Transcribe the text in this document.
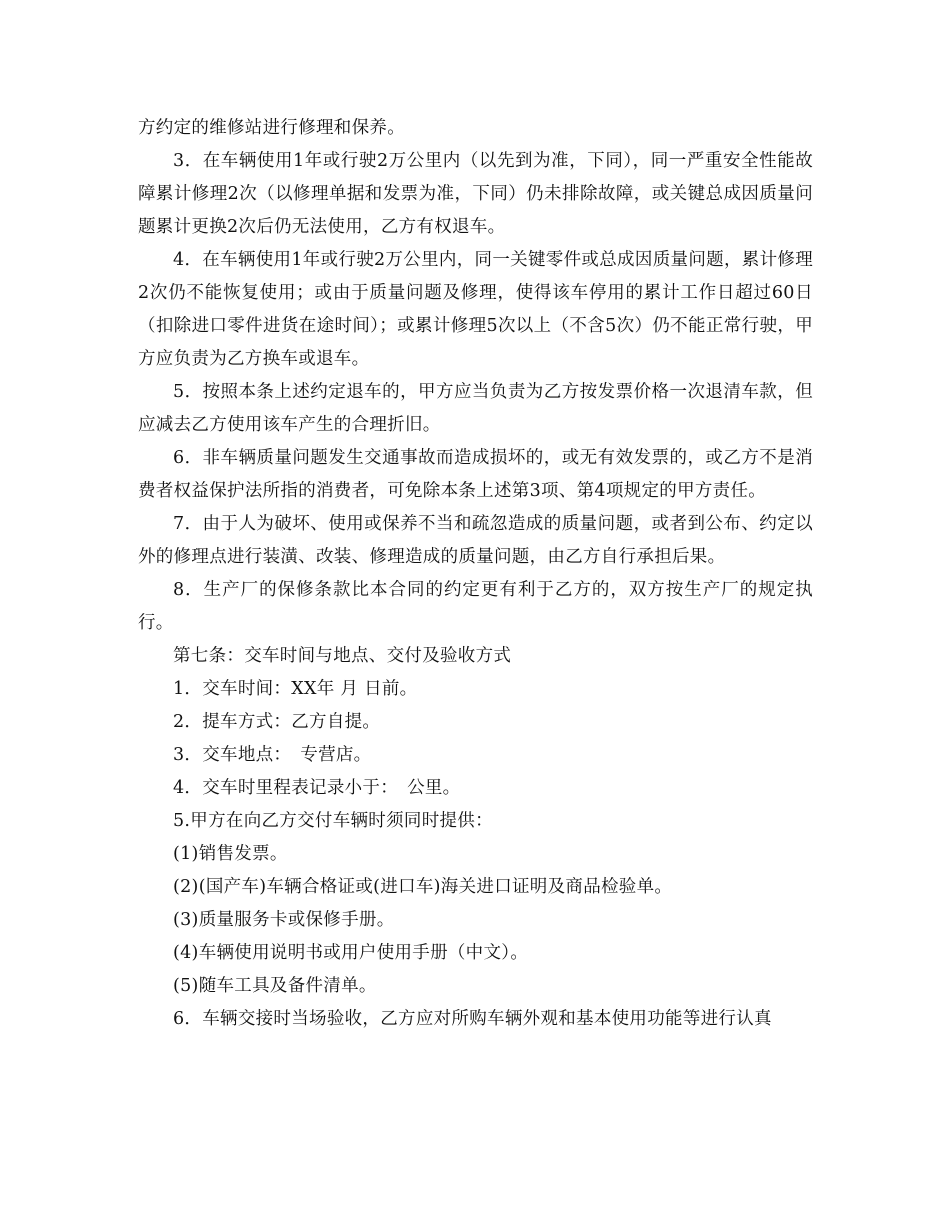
方约定的维修站进行修理和保养。

3．在车辆使用1年或行驶2万公里内（以先到为准，下同），同一严重安全性能故障累计修理2次（以修理单据和发票为准，下同）仍未排除故障，或关键总成因质量问题累计更换2次后仍无法使用，乙方有权退车。

4．在车辆使用1年或行驶2万公里内，同一关键零件或总成因质量问题，累计修理2次仍不能恢复使用；或由于质量问题及修理，使得该车停用的累计工作日超过60日（扣除进口零件进货在途时间）；或累计修理5次以上（不含5次）仍不能正常行驶，甲方应负责为乙方换车或退车。

5．按照本条上述约定退车的，甲方应当负责为乙方按发票价格一次退清车款，但应减去乙方使用该车产生的合理折旧。

6．非车辆质量问题发生交通事故而造成损坏的，或无有效发票的，或乙方不是消费者权益保护法所指的消费者，可免除本条上述第3项、第4项规定的甲方责任。

7．由于人为破坏、使用或保养不当和疏忽造成的质量问题，或者到公布、约定以外的修理点进行装潢、改装、修理造成的质量问题，由乙方自行承担后果。

8．生产厂的保修条款比本合同的约定更有利于乙方的，双方按生产厂的规定执行。

第七条：交车时间与地点、交付及验收方式

1．交车时间：XX年 月 日前。

2．提车方式：乙方自提。

3．交车地点：　专营店。

4．交车时里程表记录小于：　公里。

5.甲方在向乙方交付车辆时须同时提供：

(1)销售发票。

(2)(国产车)车辆合格证或(进口车)海关进口证明及商品检验单。

(3)质量服务卡或保修手册。

(4)车辆使用说明书或用户使用手册（中文）。

(5)随车工具及备件清单。

6．车辆交接时当场验收，乙方应对所购车辆外观和基本使用功能等进行认真
